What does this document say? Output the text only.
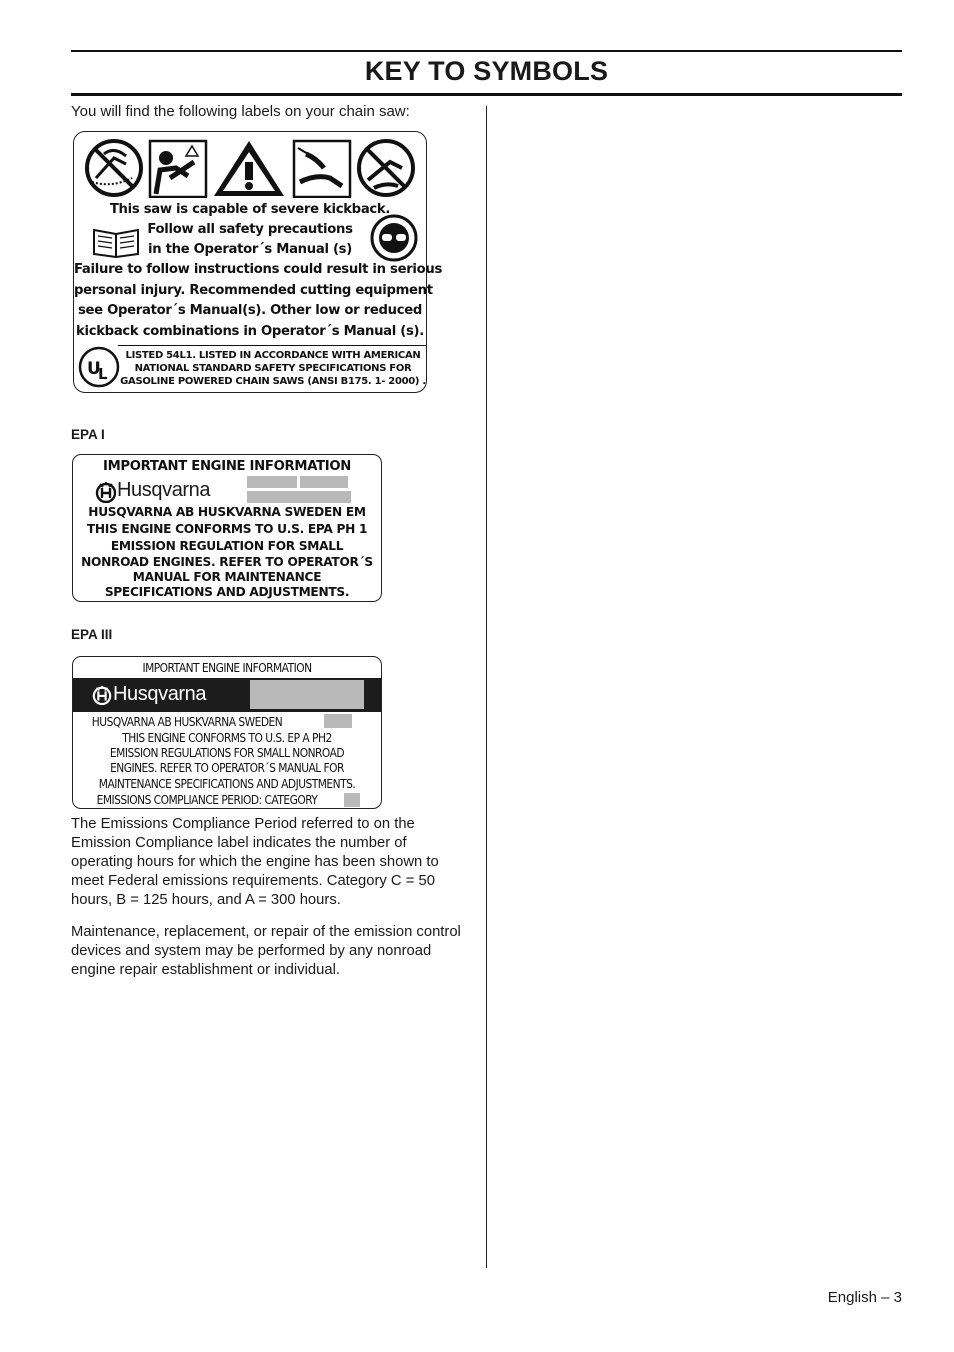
KEY TO SYMBOLS
You will find the following labels on your chain saw:
This saw is capable of severe kickback.
Follow all safety precautions
in the Operator´s Manual (s)
Failure to follow instructions could result in serious
personal injury. Recommended cutting equipment
see Operator´s Manual(s). Other low or reduced
kickback combinations in Operator´s Manual (s).
U
L
LISTED 54L1. LISTED IN ACCORDANCE WITH AMERICAN
NATIONAL STANDARD SAFETY SPECIFICATIONS FOR
GASOLINE POWERED CHAIN SAWS (ANSI B175. 1- 2000) .
EPA I
IMPORTANT ENGINE INFORMATION
Husqvarna
HUSQVARNA AB HUSKVARNA SWEDEN EM
THIS ENGINE CONFORMS TO U.S. EPA PH 1
EMISSION REGULATION FOR SMALL
NONROAD ENGINES. REFER TO OPERATOR´S
MANUAL FOR MAINTENANCE
SPECIFICATIONS AND ADJUSTMENTS.
EPA III
IMPORTANT ENGINE INFORMATION
Husqvarna
HUSQVARNA AB HUSKVARNA SWEDEN
THIS ENGINE CONFORMS TO U.S. EP A PH2
EMISSION REGULATIONS FOR SMALL NONROAD
ENGINES. REFER TO OPERATOR´S MANUAL FOR
MAINTENANCE SPECIFICATIONS AND ADJUSTMENTS.
EMISSIONS COMPLIANCE PERIOD: CATEGORY
The Emissions Compliance Period referred to on the Emission Compliance label indicates the number of operating hours for which the engine has been shown to meet Federal emissions requirements. Category C = 50 hours, B = 125 hours, and A = 300 hours.
Maintenance, replacement, or repair of the emission control devices and system may be performed by any nonroad engine repair establishment or individual.
English – 3
